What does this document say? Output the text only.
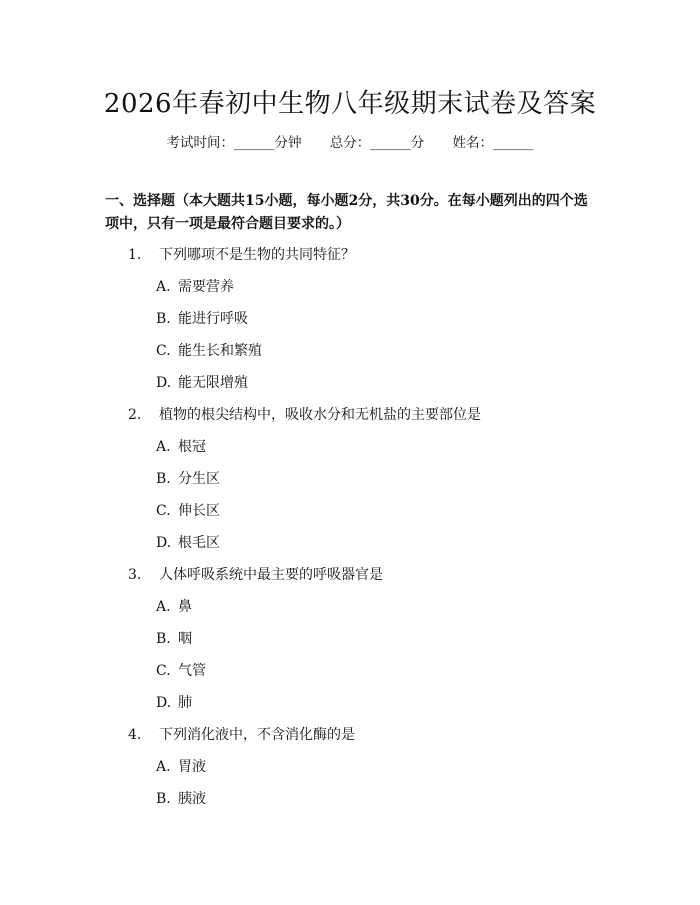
2026年春初中生物八年级期末试卷及答案
考试时间：______分钟 总分：______分 姓名：______
一、选择题（本大题共15小题，每小题2分，共30分。在每小题列出的四个选项中，只有一项是最符合题目要求的。）
1. 下列哪项不是生物的共同特征？
A. 需要营养
B. 能进行呼吸
C. 能生长和繁殖
D. 能无限增殖
2. 植物的根尖结构中，吸收水分和无机盐的主要部位是
A. 根冠
B. 分生区
C. 伸长区
D. 根毛区
3. 人体呼吸系统中最主要的呼吸器官是
A. 鼻
B. 咽
C. 气管
D. 肺
4. 下列消化液中，不含消化酶的是
A. 胃液
B. 胰液
